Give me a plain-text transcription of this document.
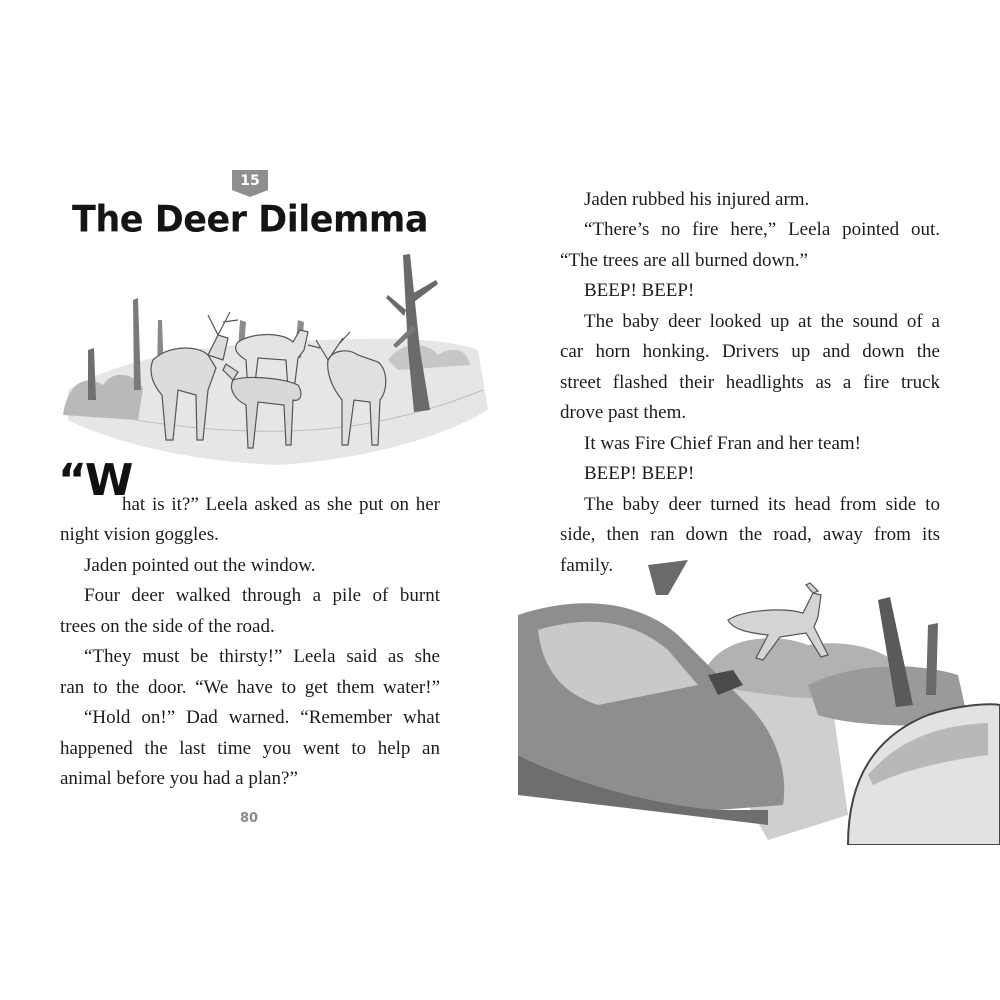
15
The Deer Dilemma
“W
hat is it?” Leela asked as she put on her
night vision goggles.
Jaden pointed out the window.
Four deer walked through a pile of burnt
trees on the side of the road.
“They must be thirsty!” Leela said as she
ran to the door. “We have to get them water!”
“Hold on!” Dad warned. “Remember what
happened the last time you went to help an
animal before you had a plan?”
80
Jaden rubbed his injured arm.
“There’s no fire here,” Leela pointed out.
“The trees are all burned down.”
BEEP! BEEP!
The baby deer looked up at the sound of a
car horn honking. Drivers up and down the
street flashed their headlights as a fire truck
drove past them.
It was Fire Chief Fran and her team!
BEEP! BEEP!
The baby deer turned its head from side to
side, then ran down the road, away from its
family.
